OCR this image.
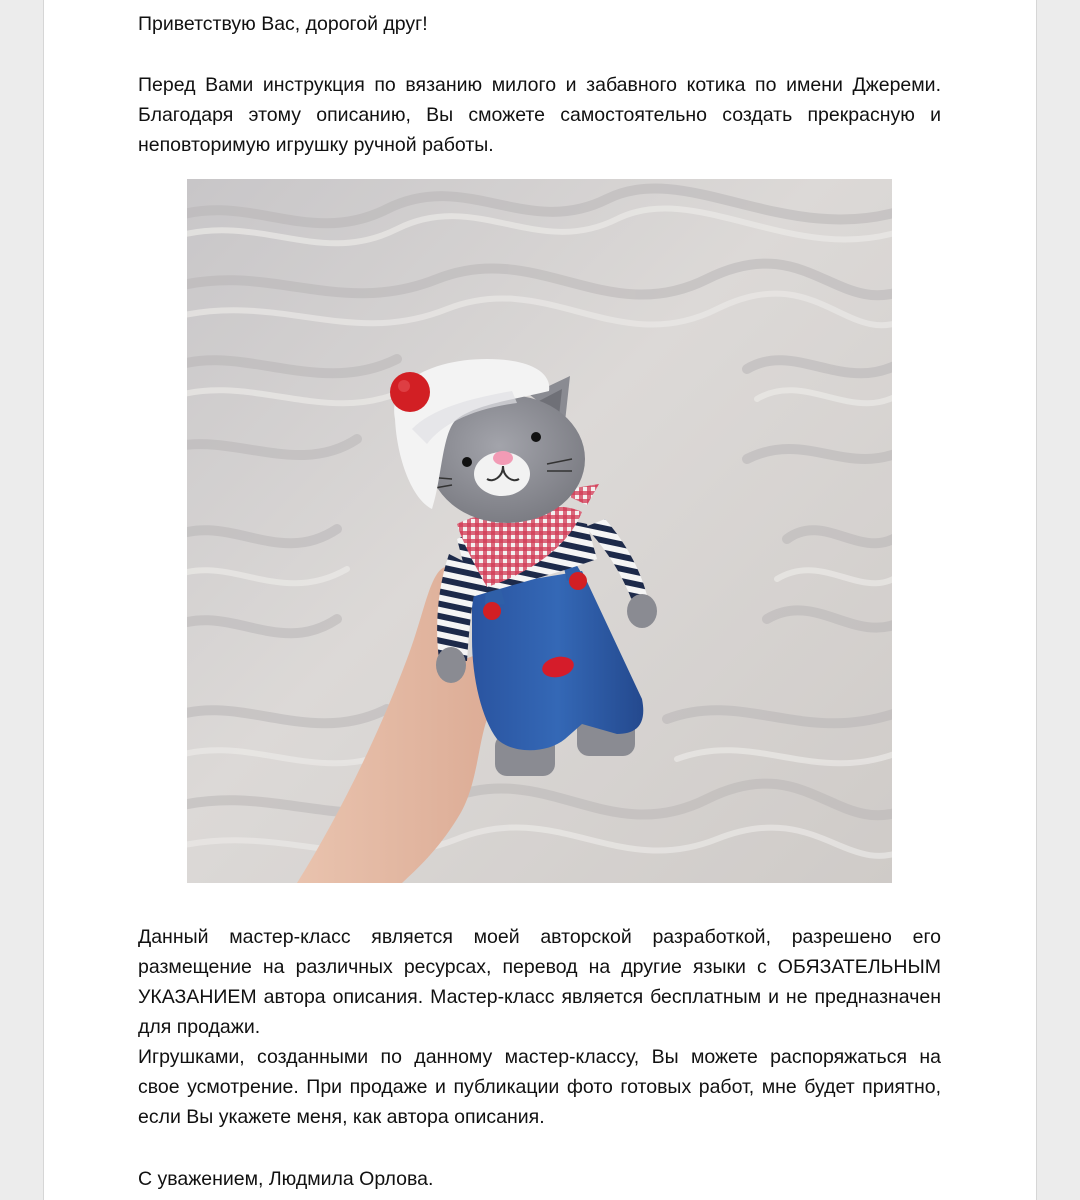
Приветствую Вас, дорогой друг!
Перед Вами инструкция по вязанию милого и забавного котика по имени Джереми.
Благодаря этому описанию, Вы сможете самостоятельно создать прекрасную и
неповторимую игрушку ручной работы.
Данный мастер-класс является моей авторской разработкой, разрешено его
размещение на различных ресурсах, перевод на другие языки с ОБЯЗАТЕЛЬНЫМ
УКАЗАНИЕМ автора описания. Мастер-класс является бесплатным и не предназначен
для продажи.
Игрушками, созданными по данному мастер-классу, Вы можете распоряжаться на
свое усмотрение. При продаже и публикации фото готовых работ, мне будет приятно,
если Вы укажете меня, как автора описания.
С уважением, Людмила Орлова.
